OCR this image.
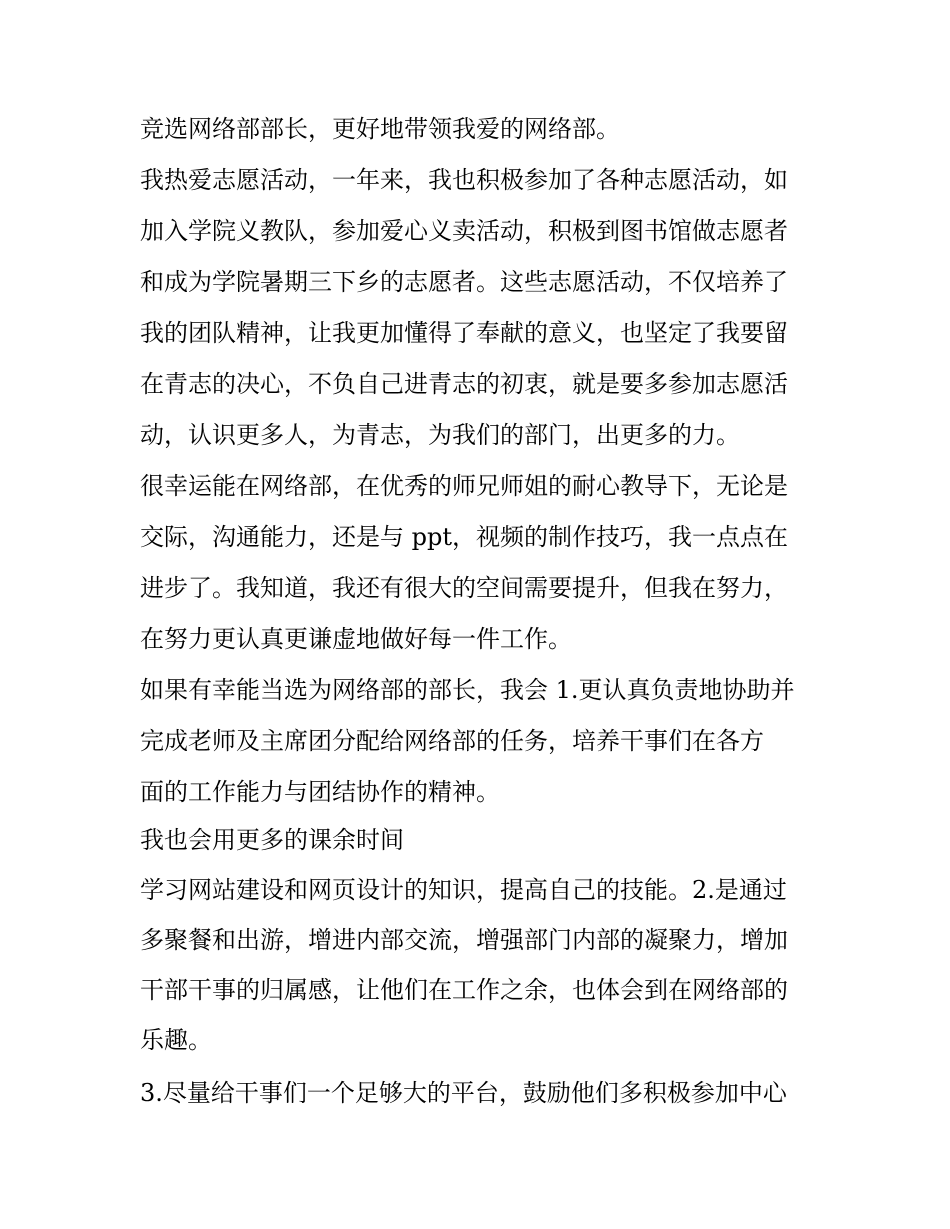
竞选网络部部长，更好地带领我爱的网络部。
我热爱志愿活动，一年来，我也积极参加了各种志愿活动，如
加入学院义教队，参加爱心义卖活动，积极到图书馆做志愿者
和成为学院暑期三下乡的志愿者。这些志愿活动，不仅培养了
我的团队精神，让我更加懂得了奉献的意义，也坚定了我要留
在青志的决心，不负自己进青志的初衷，就是要多参加志愿活
动，认识更多人，为青志，为我们的部门，出更多的力。
很幸运能在网络部，在优秀的师兄师姐的耐心教导下，无论是
交际，沟通能力，还是与 ppt，视频的制作技巧，我一点点在
进步了。我知道，我还有很大的空间需要提升，但我在努力，
在努力更认真更谦虚地做好每一件工作。
如果有幸能当选为网络部的部长，我会 1.更认真负责地协助并
完成老师及主席团分配给网络部的任务，培养干事们在各方
面的工作能力与团结协作的精神。
我也会用更多的课余时间
学习网站建设和网页设计的知识，提高自己的技能。2.是通过
多聚餐和出游，增进内部交流，增强部门内部的凝聚力，增加
干部干事的归属感，让他们在工作之余，也体会到在网络部的
乐趣。
3.尽量给干事们一个足够大的平台，鼓励他们多积极参加中心
